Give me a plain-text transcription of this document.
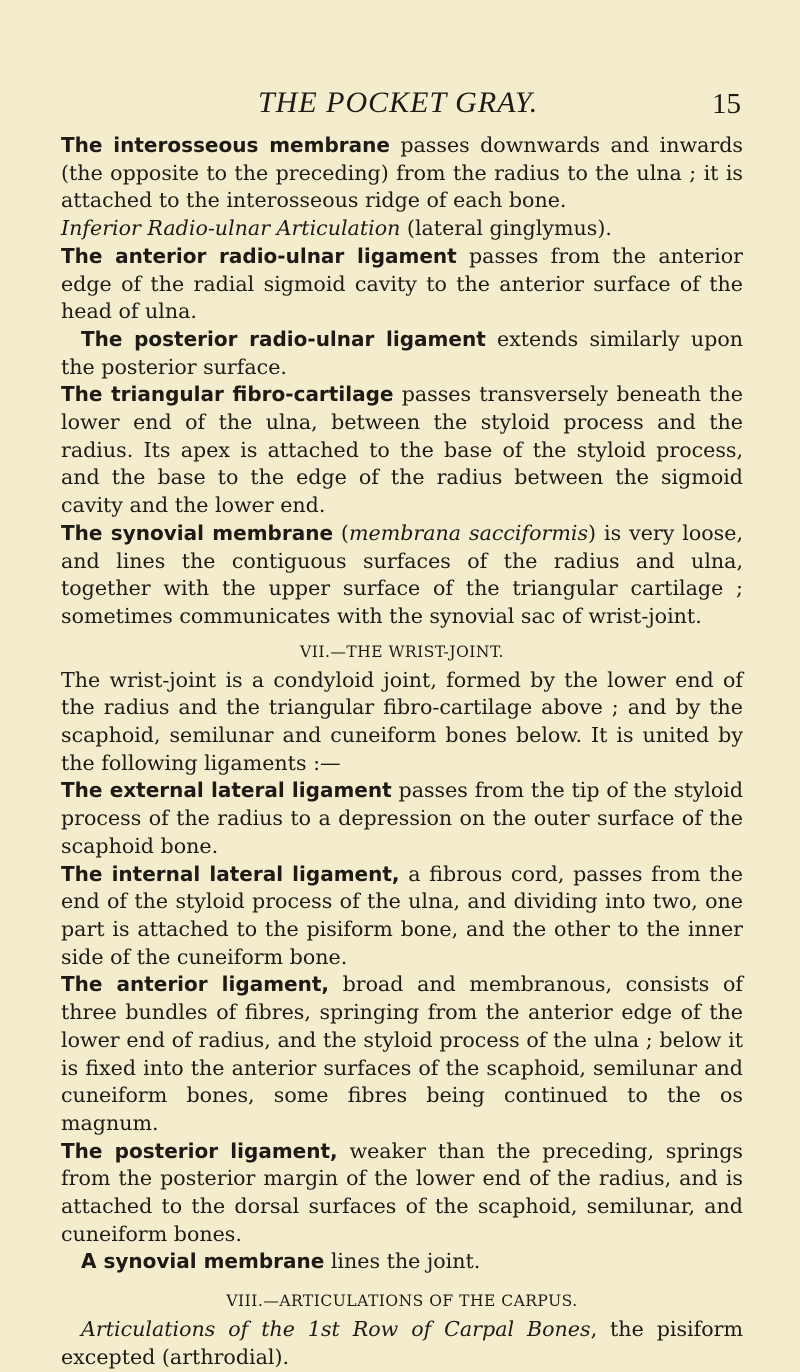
THE POCKET GRAY.	15

The interosseous membrane passes downwards and inwards (the opposite to the preceding) from the radius to the ulna ; it is attached to the interosseous ridge of each bone.

Inferior Radio-ulnar Articulation (lateral ginglymus).

The anterior radio-ulnar ligament passes from the anterior edge of the radial sigmoid cavity to the anterior surface of the head of ulna.

The posterior radio-ulnar ligament extends similarly upon the posterior surface.

The triangular fibro-cartilage passes transversely beneath the lower end of the ulna, between the styloid process and the radius. Its apex is attached to the base of the styloid process, and the base to the edge of the radius between the sigmoid cavity and the lower end.

The synovial membrane (membrana sacciformis) is very loose, and lines the contiguous surfaces of the radius and ulna, together with the upper surface of the triangular cartilage ; sometimes communicates with the synovial sac of wrist-joint.

VII.—THE WRIST-JOINT.

The wrist-joint is a condyloid joint, formed by the lower end of the radius and the triangular fibro-cartilage above ; and by the scaphoid, semilunar and cuneiform bones below. It is united by the following ligaments :—

The external lateral ligament passes from the tip of the styloid process of the radius to a depression on the outer surface of the scaphoid bone.

The internal lateral ligament, a fibrous cord, passes from the end of the styloid process of the ulna, and dividing into two, one part is attached to the pisiform bone, and the other to the inner side of the cuneiform bone.

The anterior ligament, broad and membranous, consists of three bundles of fibres, springing from the anterior edge of the lower end of radius, and the styloid process of the ulna ; below it is fixed into the anterior surfaces of the scaphoid, semilunar and cuneiform bones, some fibres being continued to the os magnum.

The posterior ligament, weaker than the preceding, springs from the posterior margin of the lower end of the radius, and is attached to the dorsal surfaces of the scaphoid, semilunar, and cuneiform bones.

A synovial membrane lines the joint.

VIII.—ARTICULATIONS OF THE CARPUS.

Articulations of the 1st Row of Carpal Bones, the pisiform excepted (arthrodial).
